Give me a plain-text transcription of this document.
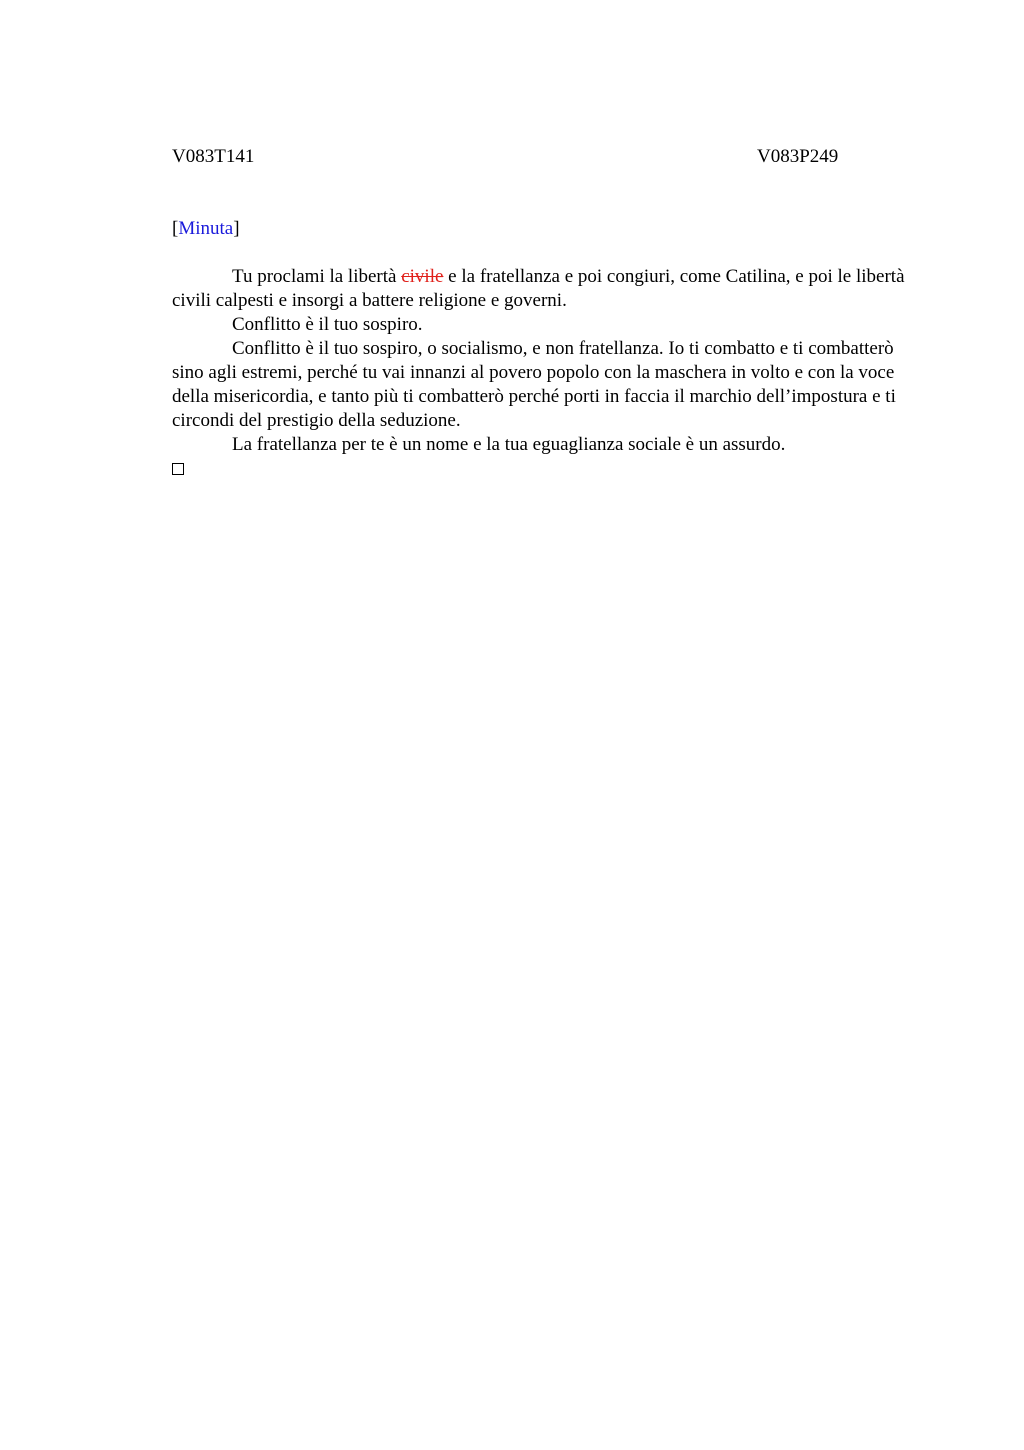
V083T141	V083P249
[Minuta]

Tu proclami la libertà civile e la fratellanza e poi congiuri, come Catilina, e poi le libertà civili calpesti e insorgi a battere religione e governi.

Conflitto è il tuo sospiro.

Conflitto è il tuo sospiro, o socialismo, e non fratellanza. Io ti combatto e ti combatterò sino agli estremi, perché tu vai innanzi al povero popolo con la maschera in volto e con la voce della misericordia, e tanto più ti combatterò perché porti in faccia il marchio dell’impostura e ti circondi del prestigio della seduzione.

La fratellanza per te è un nome e la tua eguaglianza sociale è un assurdo.
